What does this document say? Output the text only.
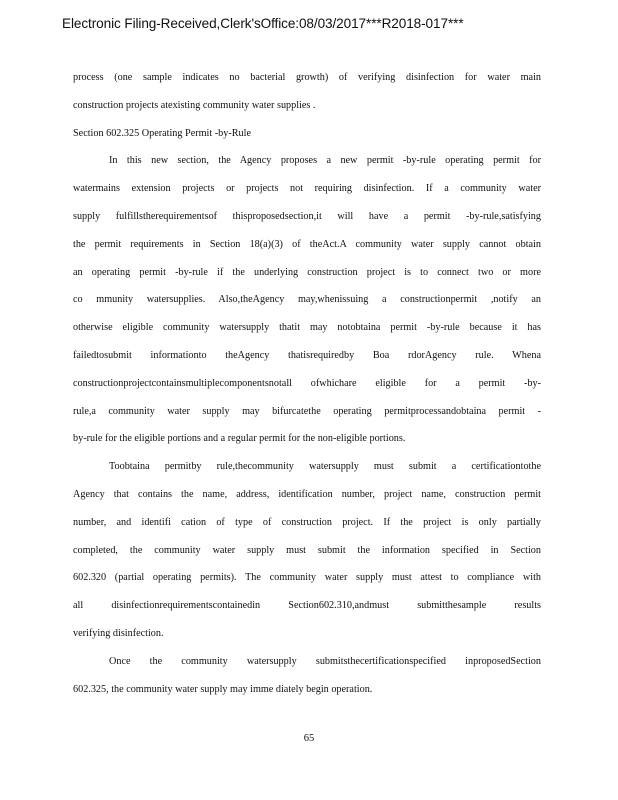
Electronic Filing-Received,Clerk'sOffice:08/03/2017***R2018-017***
process (one sample indicates no bacterial growth) of verifying disinfection for water main
construction projects atexisting community water supplies .
Section 602.325 Operating Permit -by-Rule
In this new section, the Agency proposes a new permit -by-rule operating permit for
watermains extension projects or projects not requiring disinfection. If a community water
supply fulfillstherequirementsof thisproposedsection,it will have a permit -by-rule,satisfying
the permit requirements in Section 18(a)(3) of theAct.A community water supply cannot obtain
an operating permit -by-rule if the underlying construction project is to connect two or more
co mmunity watersupplies. Also,theAgency may,whenissuing a constructionpermit ,notify an
otherwise eligible community watersupply thatit may notobtaina permit -by-rule because it has
failedtosubmit informationto theAgency thatisrequiredby Boa rdorAgency rule. Whena
constructionprojectcontainsmultiplecomponentsnotall ofwhichare eligible for a permit -by-
rule,a community water supply may bifurcatethe operating permitprocessandobtaina permit -
by-rule for the eligible portions and a regular permit for the non-eligible portions.
Toobtaina permitby rule,thecommunity watersupply must submit a certificationtothe
Agency that contains the name, address, identification number, project name, construction permit
number, and identifi cation of type of construction project. If the project is only partially
completed, the community water supply must submit the information specified in Section
602.320 (partial operating permits). The community water supply must attest to compliance with
all disinfectionrequirementscontainedin Section602.310,andmust submitthesample results
verifying disinfection.
Once the community watersupply submitsthecertificationspecified inproposedSection
602.325, the community water supply may imme diately begin operation.
65
